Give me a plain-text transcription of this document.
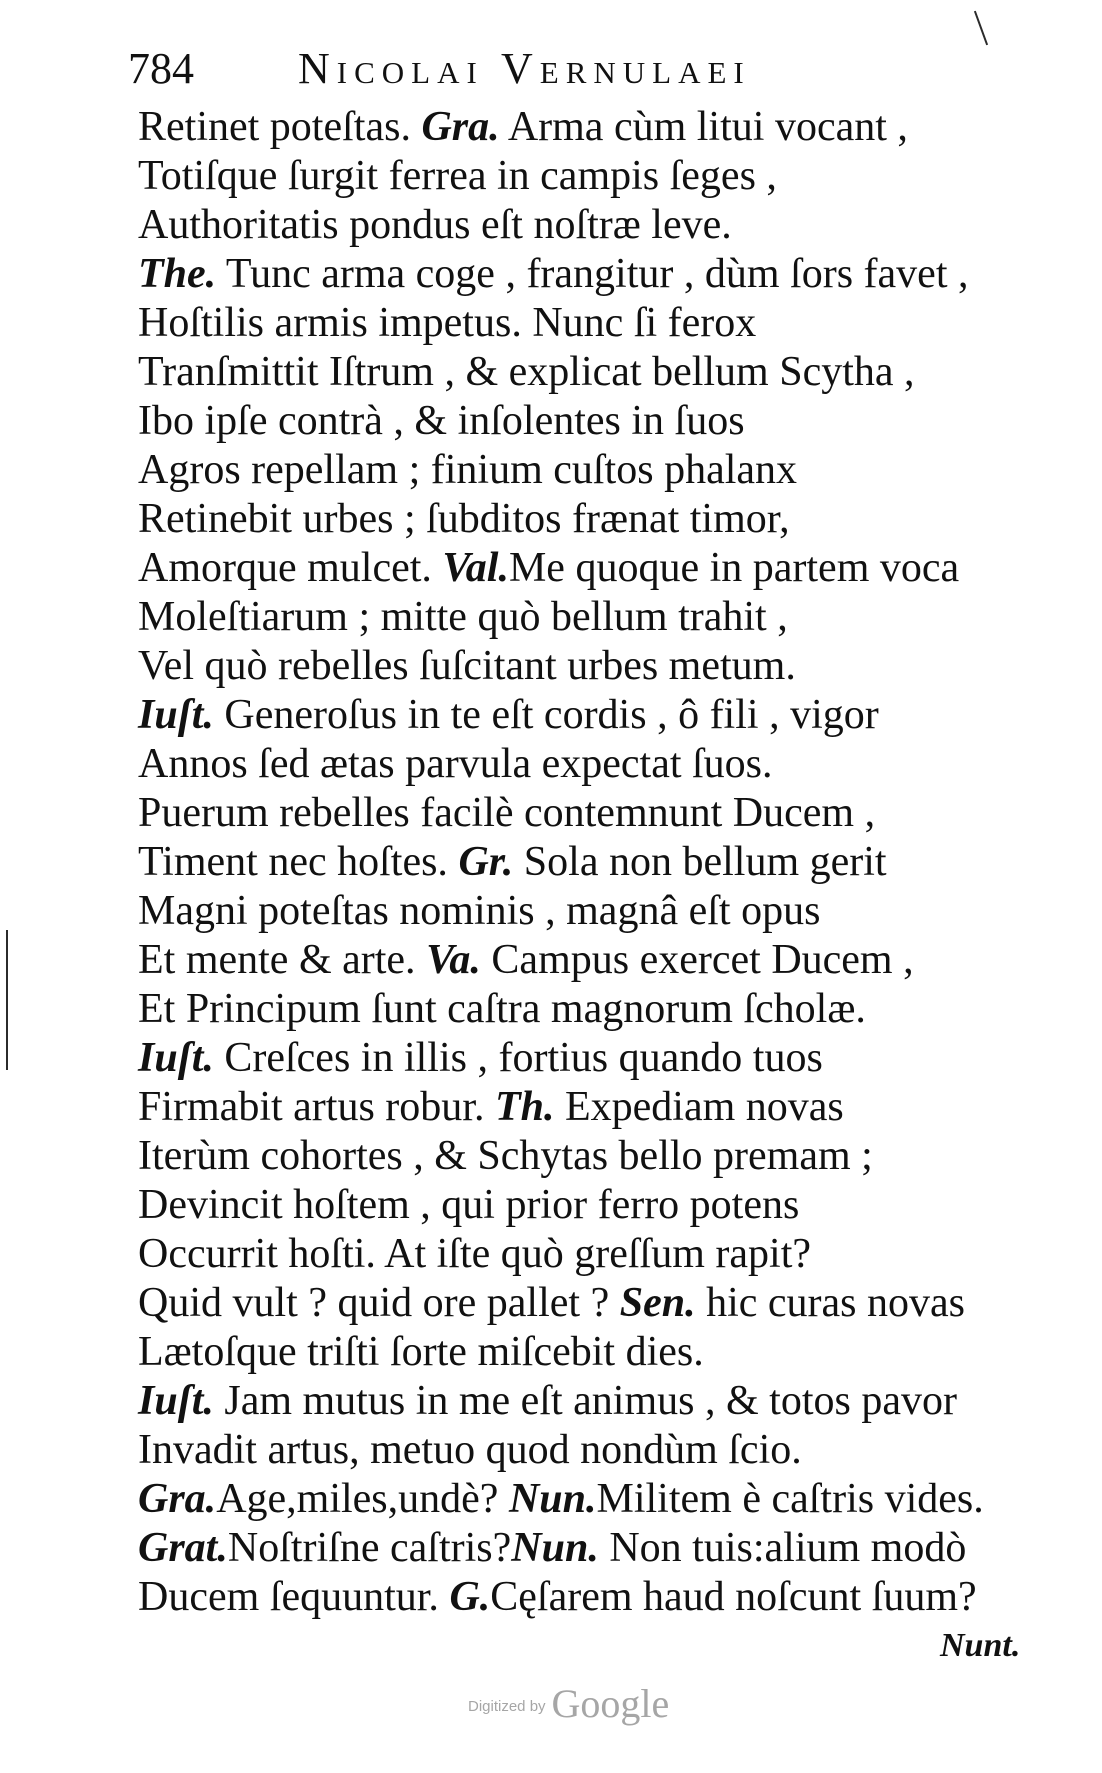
784 Nicolai Vernulaei
Retinet poteſtas. Gra. Arma cùm litui vocant ,
Totiſque ſurgit ferrea in campis ſeges ,
Authoritatis pondus eſt noſtræ leve.
The. Tunc arma coge , frangitur , dùm ſors favet ,
Hoſtilis armis impetus. Nunc ſi ferox
Tranſmittit Iſtrum , & explicat bellum Scytha ,
Ibo ipſe contrà , & inſolentes in ſuos
Agros repellam ; finium cuſtos phalanx
Retinebit urbes ; ſubditos frænat timor,
Amorque mulcet. Val.Me quoque in partem voca
Moleſtiarum ; mitte quò bellum trahit ,
Vel quò rebelles ſuſcitant urbes metum.
Iuſt. Generoſus in te eſt cordis , ô fili , vigor
Annos ſed ætas parvula expectat ſuos.
Puerum rebelles facilè contemnunt Ducem ,
Timent nec hoſtes. Gr. Sola non bellum gerit
Magni poteſtas nominis , magnâ eſt opus
Et mente & arte. Va. Campus exercet Ducem ,
Et Principum ſunt caſtra magnorum ſcholæ.
Iuſt. Creſces in illis , fortius quando tuos
Firmabit artus robur. Th. Expediam novas
Iterùm cohortes , & Schytas bello premam ;
Devincit hoſtem , qui prior ferro potens
Occurrit hoſti. At iſte quò greſſum rapit?
Quid vult ? quid ore pallet ? Sen. hic curas novas
Lætoſque triſti ſorte miſcebit dies.
Iuſt. Jam mutus in me eſt animus , & totos pavor
Invadit artus, metuo quod nondùm ſcio.
Gra.Age,miles,undè? Nun.Militem è caſtris vides.
Grat.Noſtriſne caſtris?Nun. Non tuis:alium modò
Ducem ſequuntur. G.Cęſarem haud noſcunt ſuum?
Nunt.
Digitized by Google
